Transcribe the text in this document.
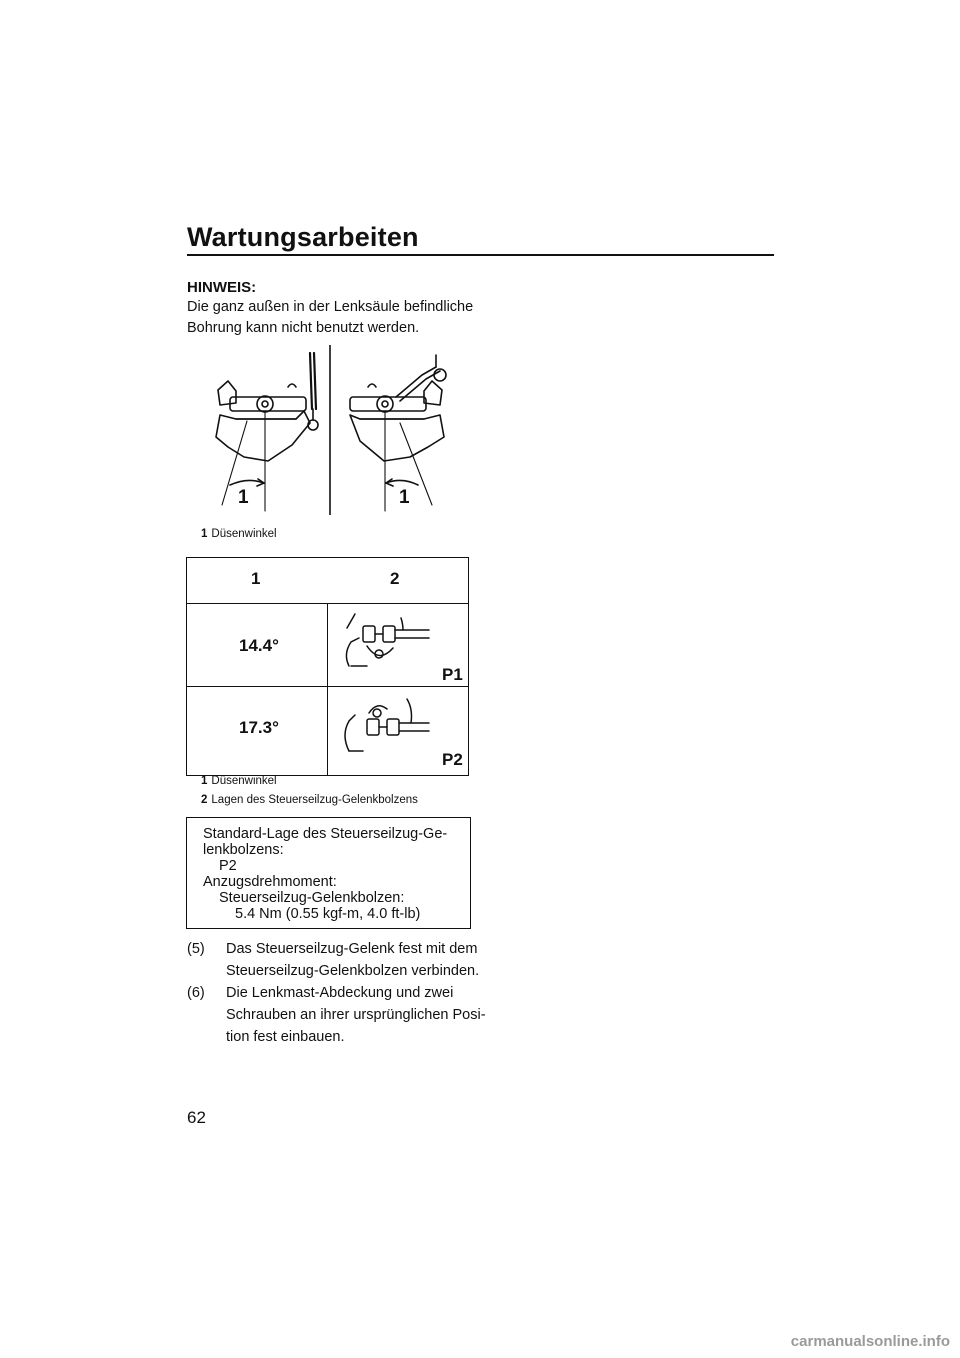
Wartungsarbeiten
HINWEIS:
Die ganz außen in der Lenksäule befindliche
Bohrung kann nicht benutzt werden.
1	1
1 Düsenwinkel
1	2
14.4°
17.3°
P1
P2
1 Düsenwinkel
2 Lagen des Steuerseilzug-Gelenkbolzens
Standard-Lage des Steuerseilzug-Ge-
lenkbolzens:
P2
Anzugsdrehmoment:
Steuerseilzug-Gelenkbolzen:
5.4 Nm (0.55 kgf-m, 4.0 ft-lb)
(5) Das Steuerseilzug-Gelenk fest mit dem
Steuerseilzug-Gelenkbolzen verbinden.
(6) Die Lenkmast-Abdeckung und zwei
Schrauben an ihrer ursprünglichen Posi-
tion fest einbauen.
62
carmanualsonline.info
